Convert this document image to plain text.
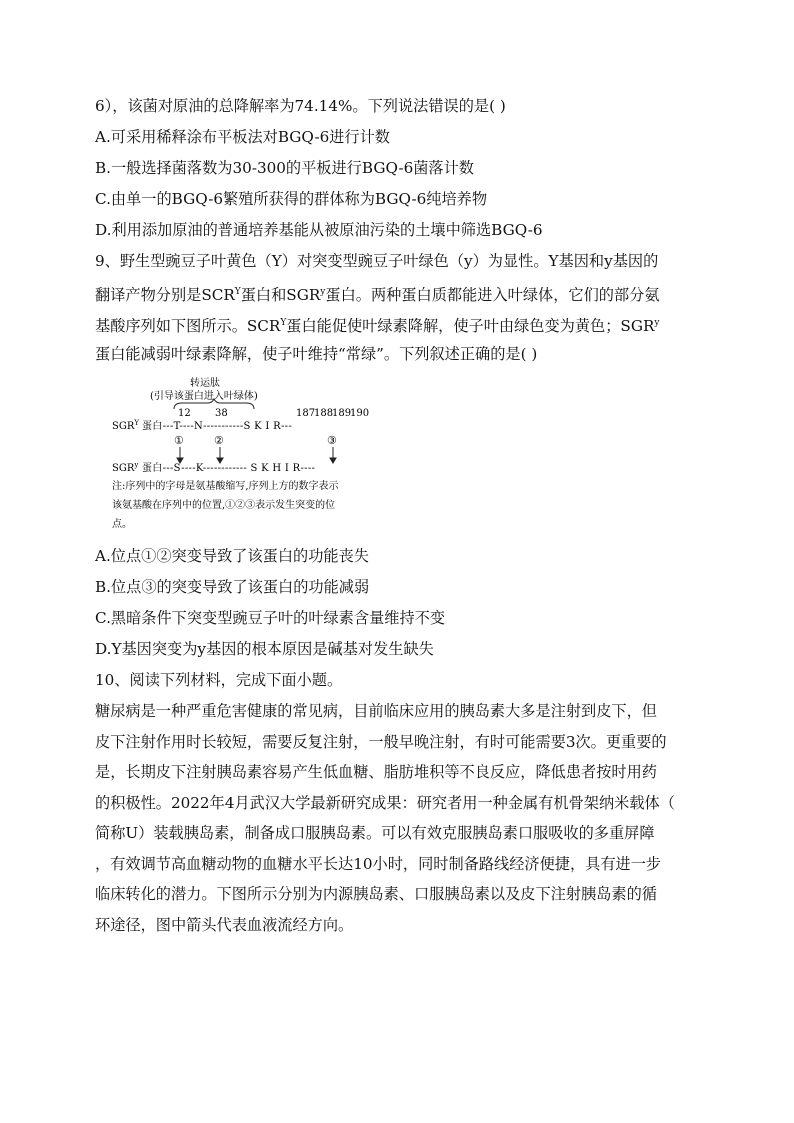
6），该菌对原油的总降解率为74.14%。下列说法错误的是( )
A.可采用稀释涂布平板法对BGQ-6进行计数
B.一般选择菌落数为30-300的平板进行BGQ-6菌落计数
C.由单一的BGQ-6繁殖所获得的群体称为BGQ-6纯培养物
D.利用添加原油的普通培养基能从被原油污染的土壤中筛选BGQ-6
9、野生型豌豆子叶黄色（Y）对突变型豌豆子叶绿色（y）为显性。Y基因和y基因的
翻译产物分别是$SCR^Y$蛋白和SGR$^y$蛋白。两种蛋白质都能进入叶绿体，它们的部分氨
基酸序列如下图所示。$SCR^Y$蛋白能促使叶绿素降解，使子叶由绿色变为黄色；SGR$^y$
蛋白能减弱叶绿素降解，使子叶维持“常绿”。下列叙述正确的是( )
转运肽
(引导该蛋白进入叶绿体)
12 38	187
188
189
190
$SGR^Y$ 蛋白---T----N-----------S K I R---
①	②	③
SGR$^y$ 蛋白---S----K------------ S K H I R----
注:序列中的字母是氨基酸缩写,序列上方的数字表示
该氨基酸在序列中的位置,①②③表示发生突变的位
点。
A.位点①②突变导致了该蛋白的功能丧失
B.位点③的突变导致了该蛋白的功能减弱
C.黑暗条件下突变型豌豆子叶的叶绿素含量维持不变
D.Y基因突变为y基因的根本原因是碱基对发生缺失
10、阅读下列材料，完成下面小题。
糖尿病是一种严重危害健康的常见病，目前临床应用的胰岛素大多是注射到皮下，但
皮下注射作用时长较短，需要反复注射，一般早晚注射，有时可能需要3次。更重要的
是，长期皮下注射胰岛素容易产生低血糖、脂肪堆积等不良反应，降低患者按时用药
的积极性。2022年4月武汉大学最新研究成果：研究者用一种金属有机骨架纳米载体（
简称U）装载胰岛素，制备成口服胰岛素。可以有效克服胰岛素口服吸收的多重屏障
，有效调节高血糖动物的血糖水平长达10小时，同时制备路线经济便捷，具有进一步
临床转化的潜力。下图所示分别为内源胰岛素、口服胰岛素以及皮下注射胰岛素的循
环途径，图中箭头代表血液流经方向。
